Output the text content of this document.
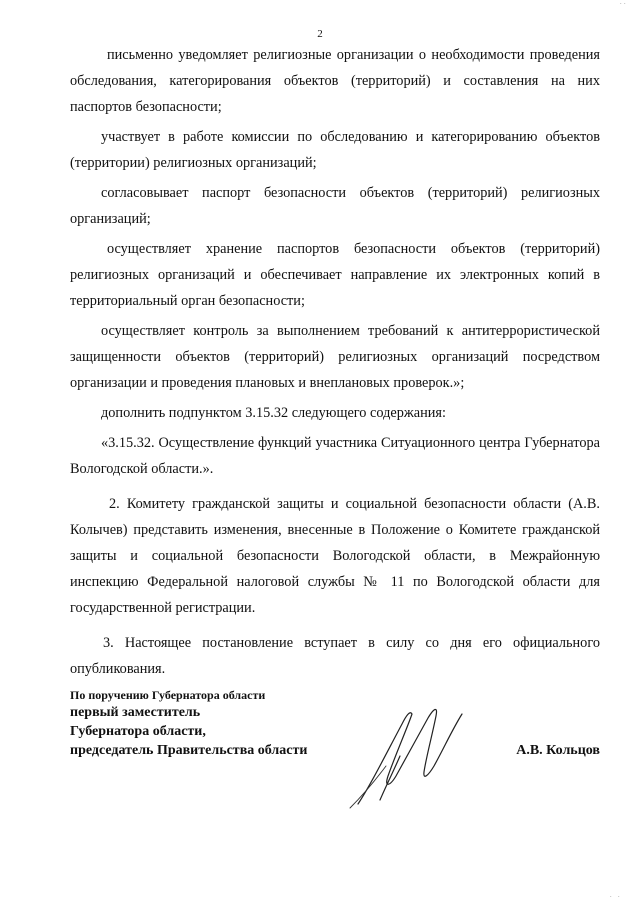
· ·
2

письменно уведомляет религиозные организации о необходимости проведения обследования, категорирования объектов (территорий) и составления на них паспортов безопасности;

участвует в работе комиссии по обследованию и категорированию объектов (территории) религиозных организаций;

согласовывает паспорт безопасности объектов (территорий) религиозных организаций;

осуществляет хранение паспортов безопасности объектов (территорий) религиозных организаций и обеспечивает направление их электронных копий в территориальный орган безопасности;

осуществляет контроль за выполнением требований к антитеррористической защищенности объектов (территорий) религиозных организаций посредством организации и проведения плановых и внеплановых проверок.»;

дополнить подпунктом 3.15.32 следующего содержания:

«3.15.32. Осуществление функций участника Ситуационного центра Губернатора Вологодской области.».

2. Комитету гражданской защиты и социальной безопасности области (А.В. Колычев) представить изменения, внесенные в Положение о Комитете гражданской защиты и социальной безопасности Вологодской области, в Межрайонную инспекцию Федеральной налоговой службы № 11 по Вологодской области для государственной регистрации.

3. Настоящее постановление вступает в силу со дня его официального опубликования.

По поручению Губернатора области
первый заместитель
Губернатора области,
председатель Правительства области	А.В. Кольцов
· ·
